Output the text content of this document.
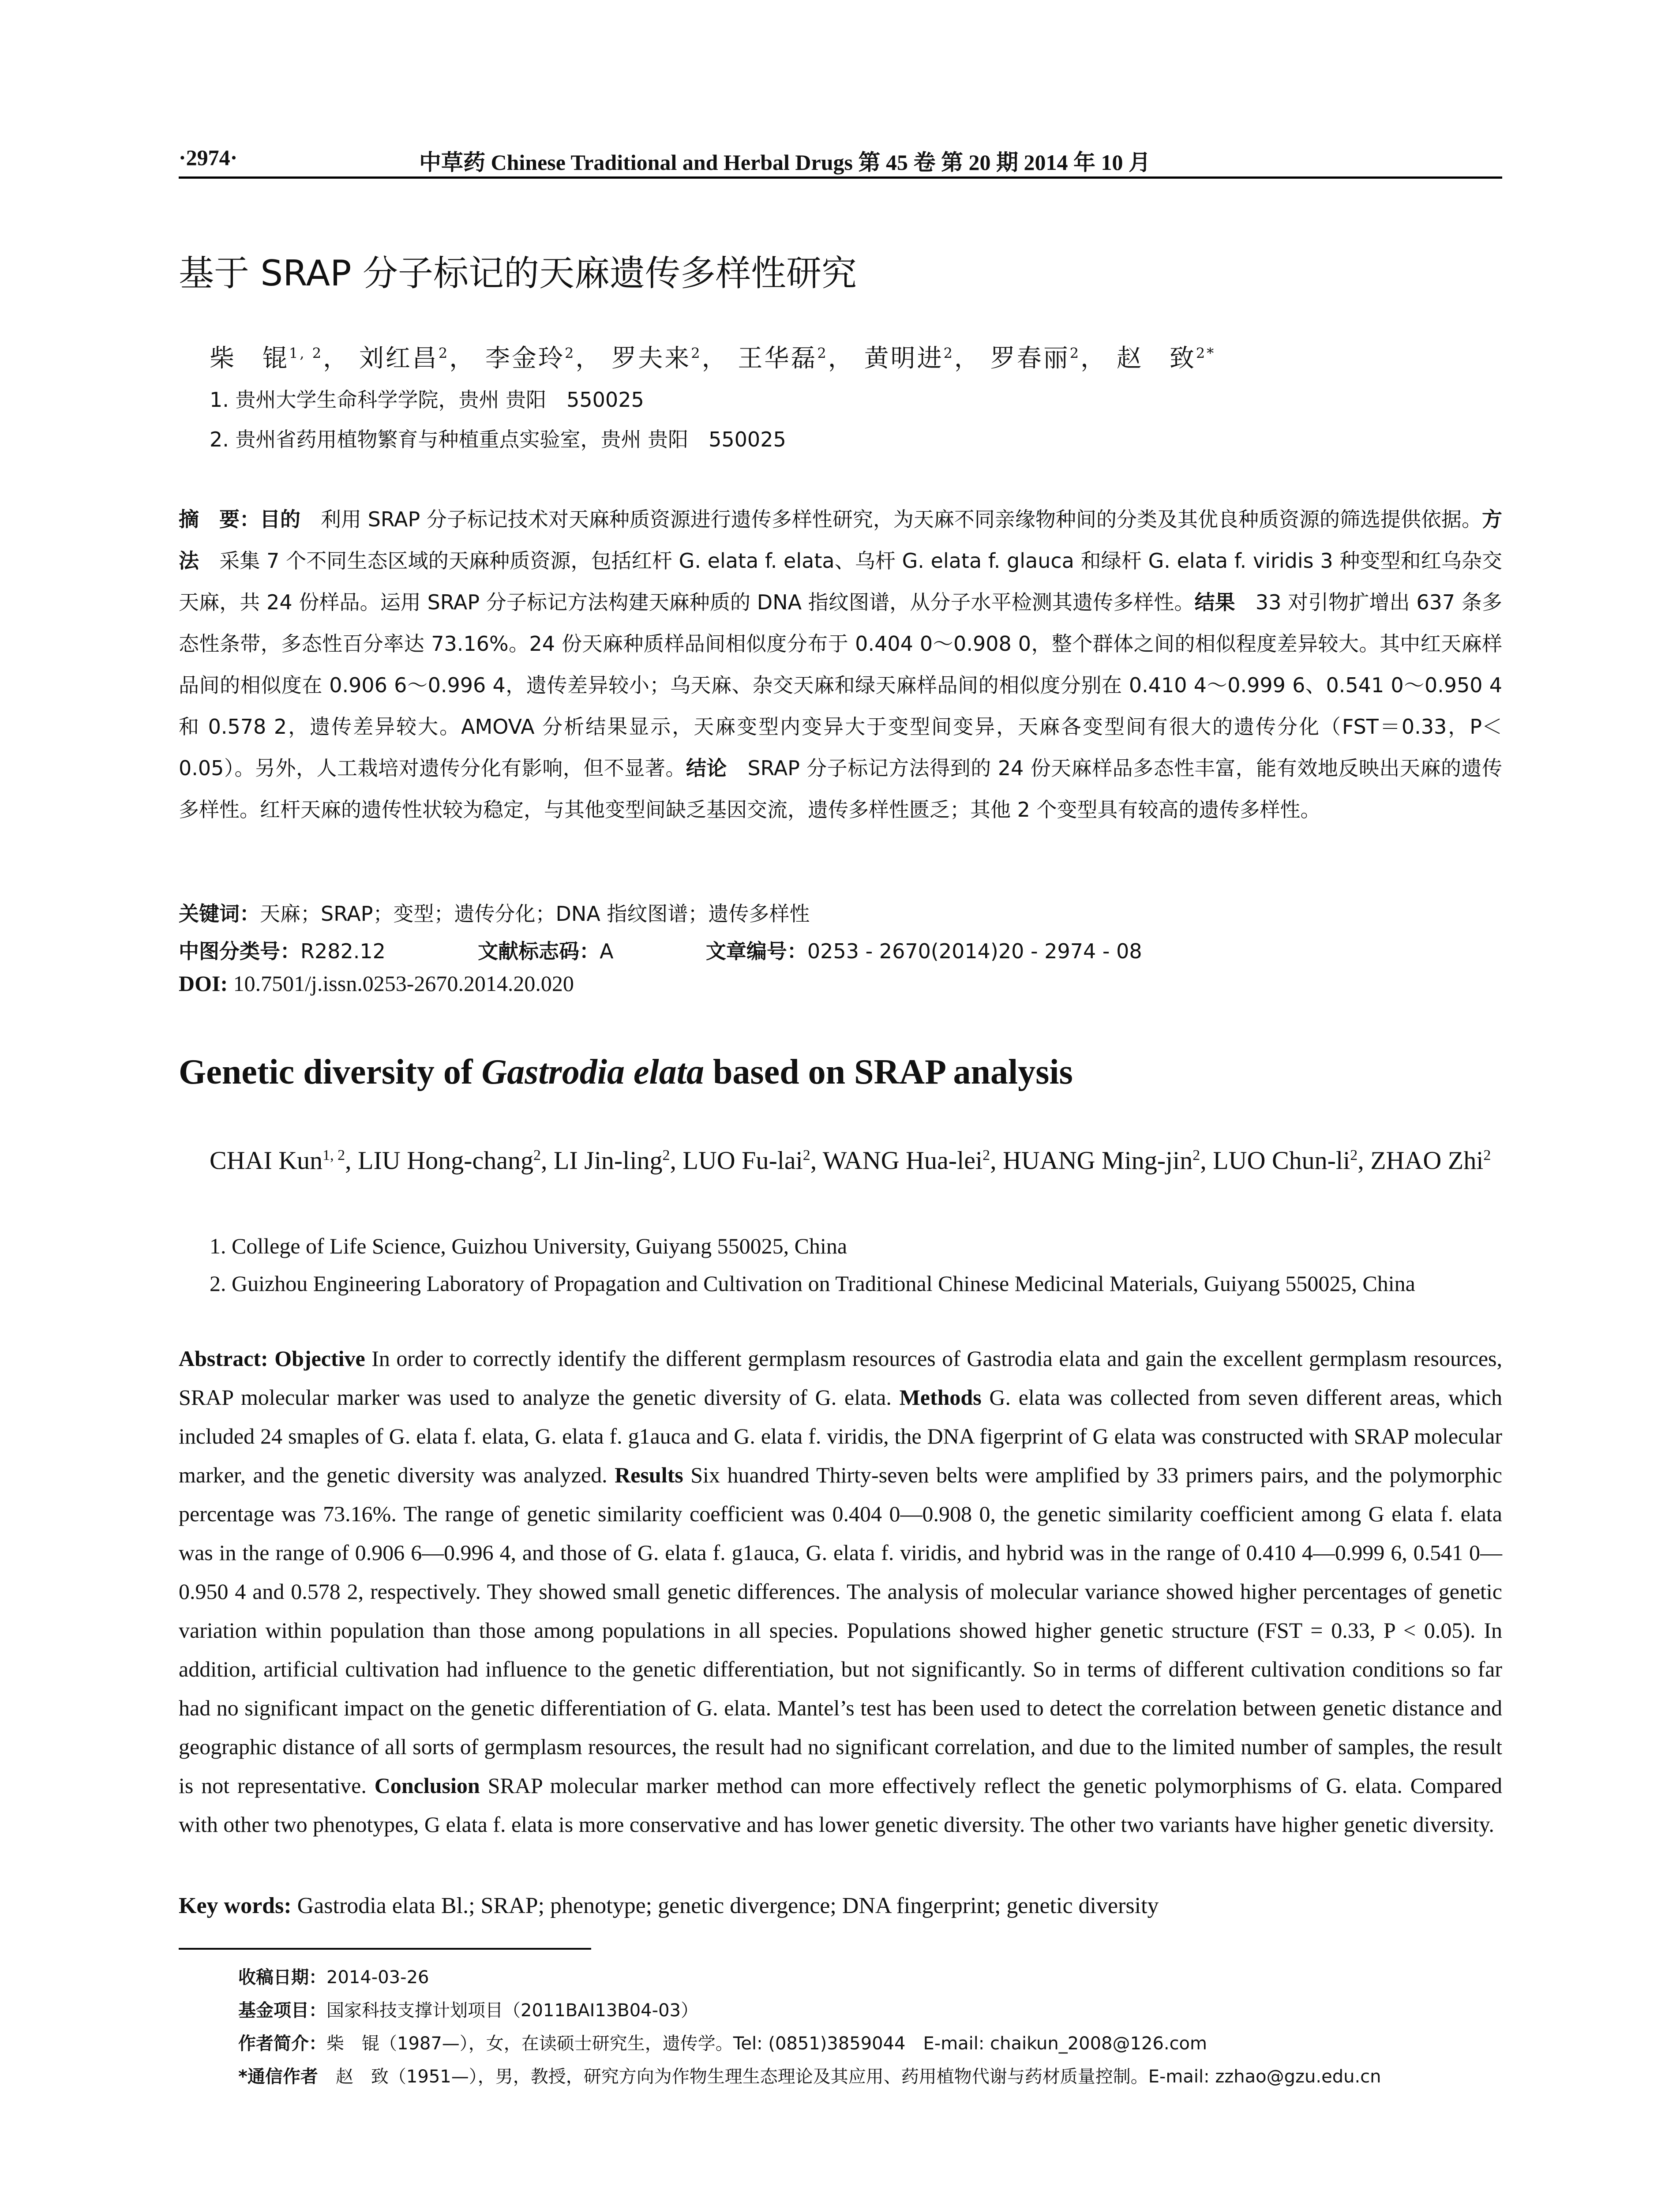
·2974·	中草药 Chinese Traditional and Herbal Drugs 第 45 卷 第 20 期 2014 年 10 月
基于 SRAP 分子标记的天麻遗传多样性研究
柴　锟$^{1, 2}$， 刘红昌$^2$， 李金玲$^2$， 罗夫来$^2$， 王华磊$^2$， 黄明进$^2$， 罗春丽$^2$， 赵　致$^{2*}$
1. 贵州大学生命科学学院，贵州 贵阳　550025
2. 贵州省药用植物繁育与种植重点实验室，贵州 贵阳　550025
摘　要：目的　利用 SRAP 分子标记技术对天麻种质资源进行遗传多样性研究，为天麻不同亲缘物种间的分类及其优良种质资源的筛选提供依据。方法　采集 7 个不同生态区域的天麻种质资源，包括红杆 G. elata f. elata、乌杆 G. elata f. glauca 和绿杆 G. elata f. viridis 3 种变型和红乌杂交天麻，共 24 份样品。运用 SRAP 分子标记方法构建天麻种质的 DNA 指纹图谱，从分子水平检测其遗传多样性。结果　33 对引物扩增出 637 条多态性条带，多态性百分率达 73.16%。24 份天麻种质样品间相似度分布于 0.404 0～0.908 0，整个群体之间的相似程度差异较大。其中红天麻样品间的相似度在 0.906 6～0.996 4，遗传差异较小；乌天麻、杂交天麻和绿天麻样品间的相似度分别在 0.410 4～0.999 6、0.541 0～0.950 4 和 0.578 2，遗传差异较大。AMOVA 分析结果显示，天麻变型内变异大于变型间变异，天麻各变型间有很大的遗传分化（FST＝0.33，P＜0.05）。另外，人工栽培对遗传分化有影响，但不显著。结论　SRAP 分子标记方法得到的 24 份天麻样品多态性丰富，能有效地反映出天麻的遗传多样性。红杆天麻的遗传性状较为稳定，与其他变型间缺乏基因交流，遗传多样性匮乏；其他 2 个变型具有较高的遗传多样性。
关键词：天麻；SRAP；变型；遗传分化；DNA 指纹图谱；遗传多样性
中图分类号：R282.12	文献标志码：A	文章编号：0253 - 2670(2014)20 - 2974 - 08
DOI: 10.7501/j.issn.0253-2670.2014.20.020
Genetic diversity of Gastrodia elata based on SRAP analysis
CHAI Kun$^{1, 2}$, LIU Hong-chang$^2$, LI Jin-ling$^2$, LUO Fu-lai$^2$, WANG Hua-lei$^2$, HUANG Ming-jin$^2$, LUO Chun-$li^2$, ZHAO Zhi$^2$
1. College of Life Science, Guizhou University, Guiyang 550025, China
2. Guizhou Engineering Laboratory of Propagation and Cultivation on Traditional Chinese Medicinal Materials, Guiyang 550025, China
Abstract: Objective In order to correctly identify the different germplasm resources of Gastrodia elata and gain the excellent germplasm resources, SRAP molecular marker was used to analyze the genetic diversity of G. elata. Methods G. elata was collected from seven different areas, which included 24 smaples of G. elata f. elata, G. elata f. g1auca and G. elata f. viridis, the DNA figerprint of G elata was constructed with SRAP molecular marker, and the genetic diversity was analyzed. Results Six huandred Thirty-seven belts were amplified by 33 primers pairs, and the polymorphic percentage was 73.16%. The range of genetic similarity coefficient was 0.404 0—0.908 0, the genetic similarity coefficient among G elata f. elata was in the range of 0.906 6—0.996 4, and those of G. elata f. g1auca, G. elata f. viridis, and hybrid was in the range of 0.410 4—0.999 6, 0.541 0—0.950 4 and 0.578 2, respectively. They showed small genetic differences. The analysis of molecular variance showed higher percentages of genetic variation within population than those among populations in all species. Populations showed higher genetic structure (FST = 0.33, P < 0.05). In addition, artificial cultivation had influence to the genetic differentiation, but not significantly. So in terms of different cultivation conditions so far had no significant impact on the genetic differentiation of G. elata. Mantel’s test has been used to detect the correlation between genetic distance and geographic distance of all sorts of germplasm resources, the result had no significant correlation, and due to the limited number of samples, the result is not representative. Conclusion SRAP molecular marker method can more effectively reflect the genetic polymorphisms of G. elata. Compared with other two phenotypes, G elata f. elata is more conservative and has lower genetic diversity. The other two variants have higher genetic diversity.
Key words: Gastrodia elata Bl.; SRAP; phenotype; genetic divergence; DNA fingerprint; genetic diversity
收稿日期：2014-03-26
基金项目：国家科技支撑计划项目（2011BAI13B04-03）
作者简介：柴　锟（1987—），女，在读硕士研究生，遗传学。Tel: (0851)3859044　E-mail: chaikun_2008@126.com
*通信作者　赵　致（1951—），男，教授，研究方向为作物生理生态理论及其应用、药用植物代谢与药材质量控制。E-mail: zzhao@gzu.edu.cn
